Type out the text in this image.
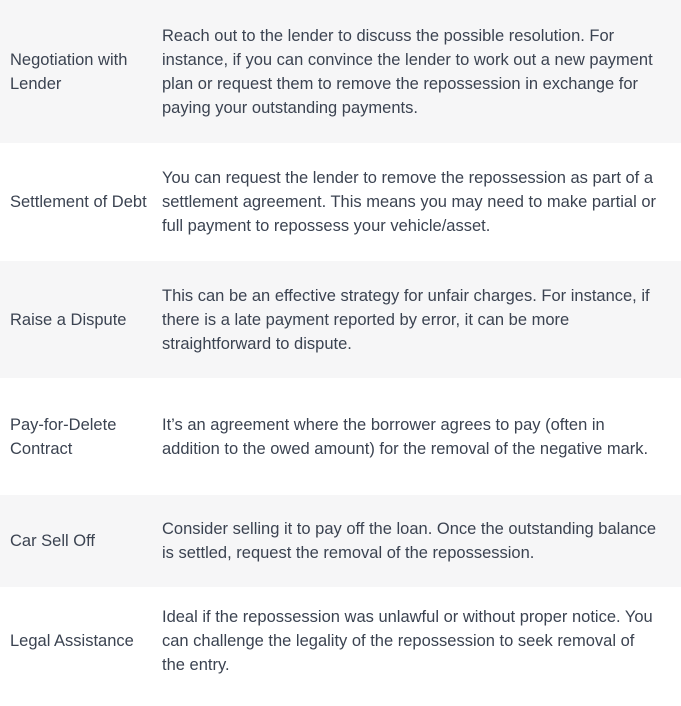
Negotiation with Lender
Reach out to the lender to discuss the possible resolution. For instance, if you can convince the lender to work out a new payment plan or request them to remove the repossession in exchange for paying your outstanding payments.
Settlement of Debt
You can request the lender to remove the repossession as part of a settlement agreement. This means you may need to make partial or full payment to repossess your vehicle/asset.
Raise a Dispute
This can be an effective strategy for unfair charges. For instance, if there is a late payment reported by error, it can be more straightforward to dispute.
Pay-for-Delete Contract
It’s an agreement where the borrower agrees to pay (often in addition to the owed amount) for the removal of the negative mark.
Car Sell Off
Consider selling it to pay off the loan. Once the outstanding balance is settled, request the removal of the repossession.
Legal Assistance
Ideal if the repossession was unlawful or without proper notice. You can challenge the legality of the repossession to seek removal of the entry.
